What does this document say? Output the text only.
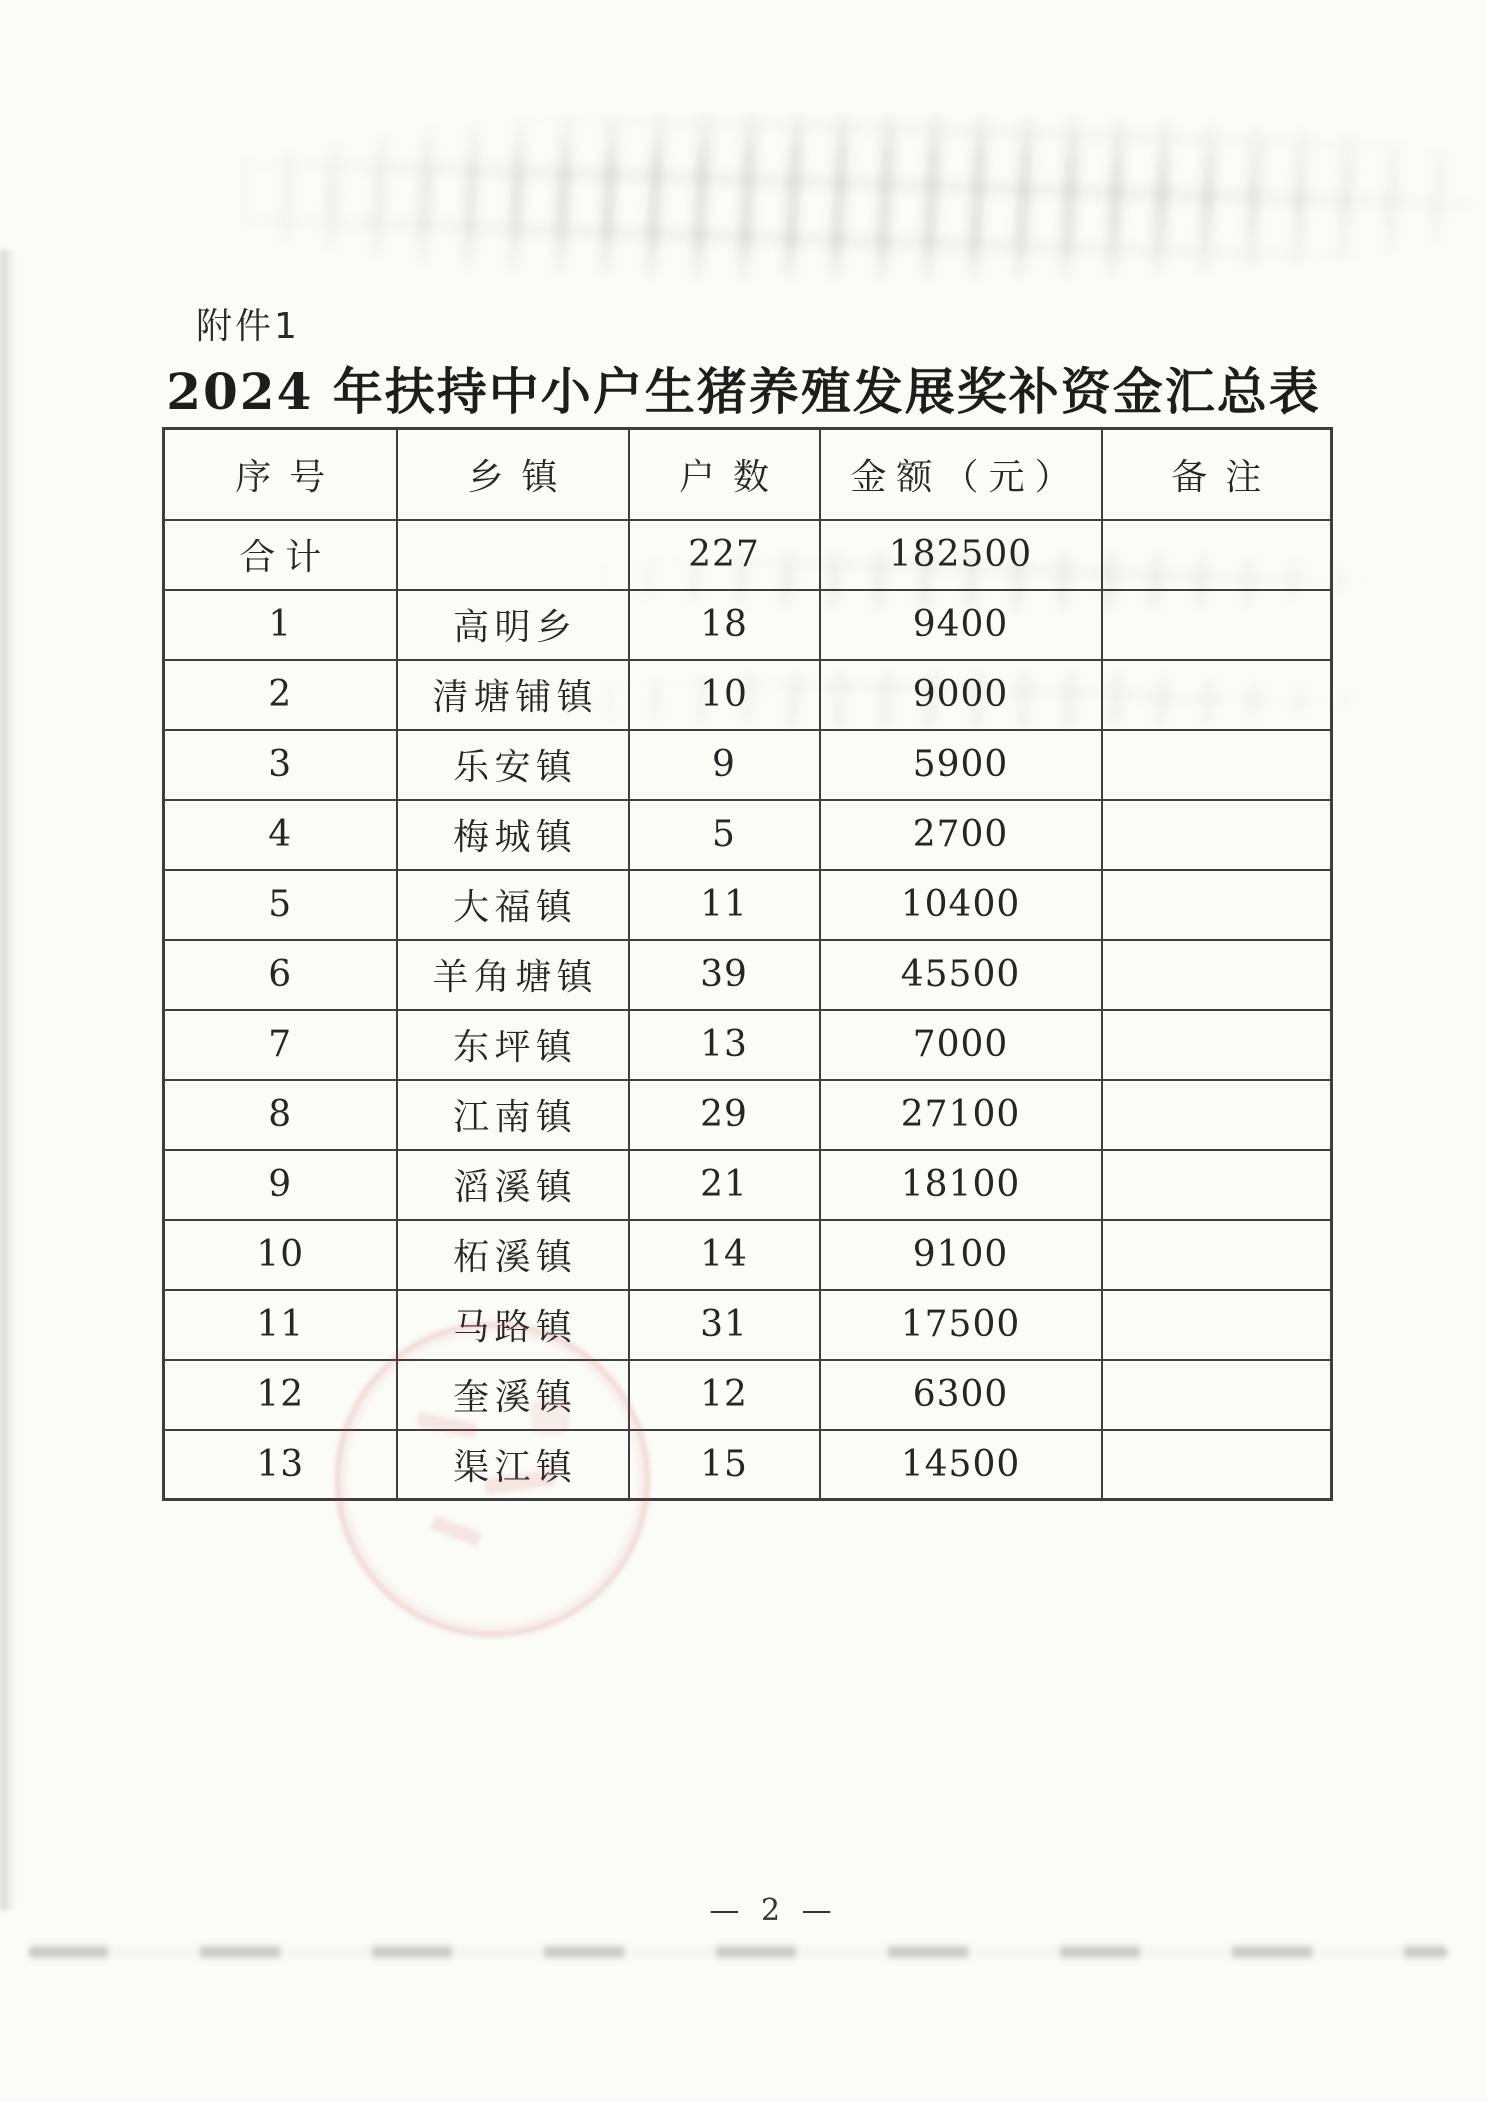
附件1
2024 年扶持中小户生猪养殖发展奖补资金汇总表
序号	乡镇	户数	金额（元）	备注
合计		227	182500	
1	高明乡	18	9400	
2	清塘铺镇	10	9000	
3	乐安镇	9	5900	
4	梅城镇	5	2700	
5	大福镇	11	10400	
6	羊角塘镇	39	45500	
7	东坪镇	13	7000	
8	江南镇	29	27100	
9	滔溪镇	21	18100	
10	柘溪镇	14	9100	
11	马路镇	31	17500	
12	奎溪镇	12	6300	
13	渠江镇	15	14500	
— 2 —
